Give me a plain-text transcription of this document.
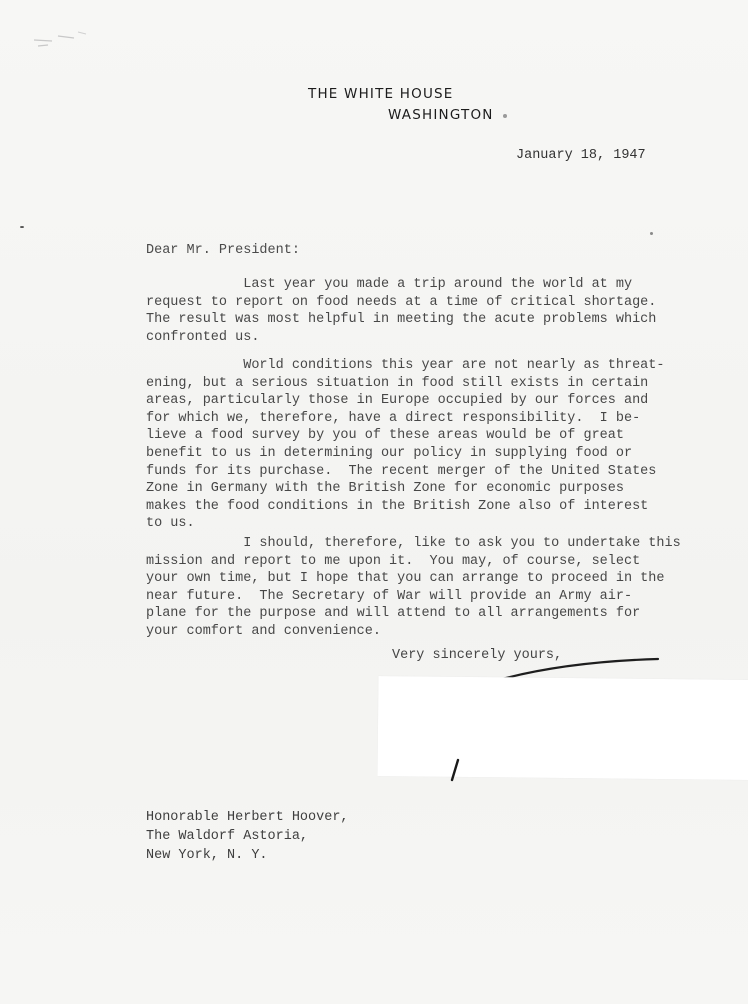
THE WHITE HOUSE
WASHINGTON
January 18, 1947
Dear Mr. President:
Last year you made a trip around the world at my
request to report on food needs at a time of critical shortage.
The result was most helpful in meeting the acute problems which
confronted us.
World conditions this year are not nearly as threat-
ening, but a serious situation in food still exists in certain
areas, particularly those in Europe occupied by our forces and
for which we, therefore, have a direct responsibility.  I be-
lieve a food survey by you of these areas would be of great
benefit to us in determining our policy in supplying food or
funds for its purchase.  The recent merger of the United States
Zone in Germany with the British Zone for economic purposes
makes the food conditions in the British Zone also of interest
to us.
I should, therefore, like to ask you to undertake this
mission and report to me upon it.  You may, of course, select
your own time, but I hope that you can arrange to proceed in the
near future.  The Secretary of War will provide an Army air-
plane for the purpose and will attend to all arrangements for
your comfort and convenience.
Very sincerely yours,
Honorable Herbert Hoover,
The Waldorf Astoria,
New York, N. Y.
